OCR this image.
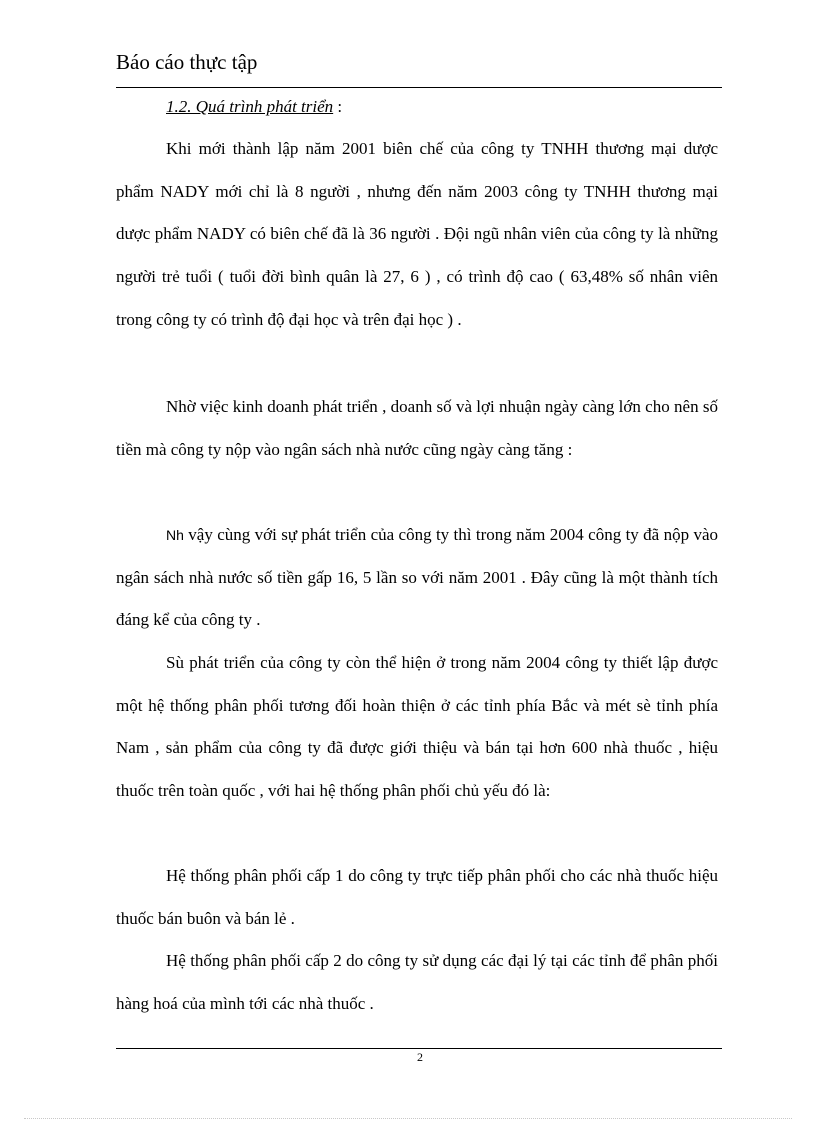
Báo cáo thực tập
1.2. Quá trình phát triển :

Khi mới thành lập năm 2001 biên chế của công ty TNHH thương mại dược phẩm NADY mới chỉ là 8 người , nhưng đến năm 2003 công ty TNHH thương mại dược phẩm NADY có biên chế đã là 36 người . Đội ngũ nhân viên của công ty là những người trẻ tuổi ( tuổi đời bình quân là 27, 6 ) , có trình độ cao ( 63,48% số nhân viên trong công ty có trình độ đại học và trên đại học ) .

Nhờ việc kinh doanh phát triển , doanh số và lợi nhuận ngày càng lớn cho nên số tiền mà công ty nộp vào ngân sách nhà nước cũng ngày càng tăng :

Nh vậy cùng với sự phát triển của công ty thì trong năm 2004 công ty đã nộp vào ngân sách nhà nước số tiền gấp 16, 5 lần so với năm 2001 . Đây cũng là một thành tích đáng kể của công ty .

Sù phát triển của công ty còn thể hiện ở trong năm 2004 công ty thiết lập được một hệ thống phân phối tương đối hoàn thiện ở các tỉnh phía Bắc và mét sè tỉnh phía Nam , sản phẩm của công ty đã được giới thiệu và bán tại hơn 600 nhà thuốc , hiệu thuốc trên toàn quốc , với hai hệ thống phân phối chủ yếu đó là:

Hệ thống phân phối cấp 1 do công ty trực tiếp phân phối cho các nhà thuốc hiệu thuốc bán buôn và bán lẻ .

Hệ thống phân phối cấp 2 do công ty sử dụng các đại lý tại các tỉnh để phân phối hàng hoá của mình tới các nhà thuốc .

2
